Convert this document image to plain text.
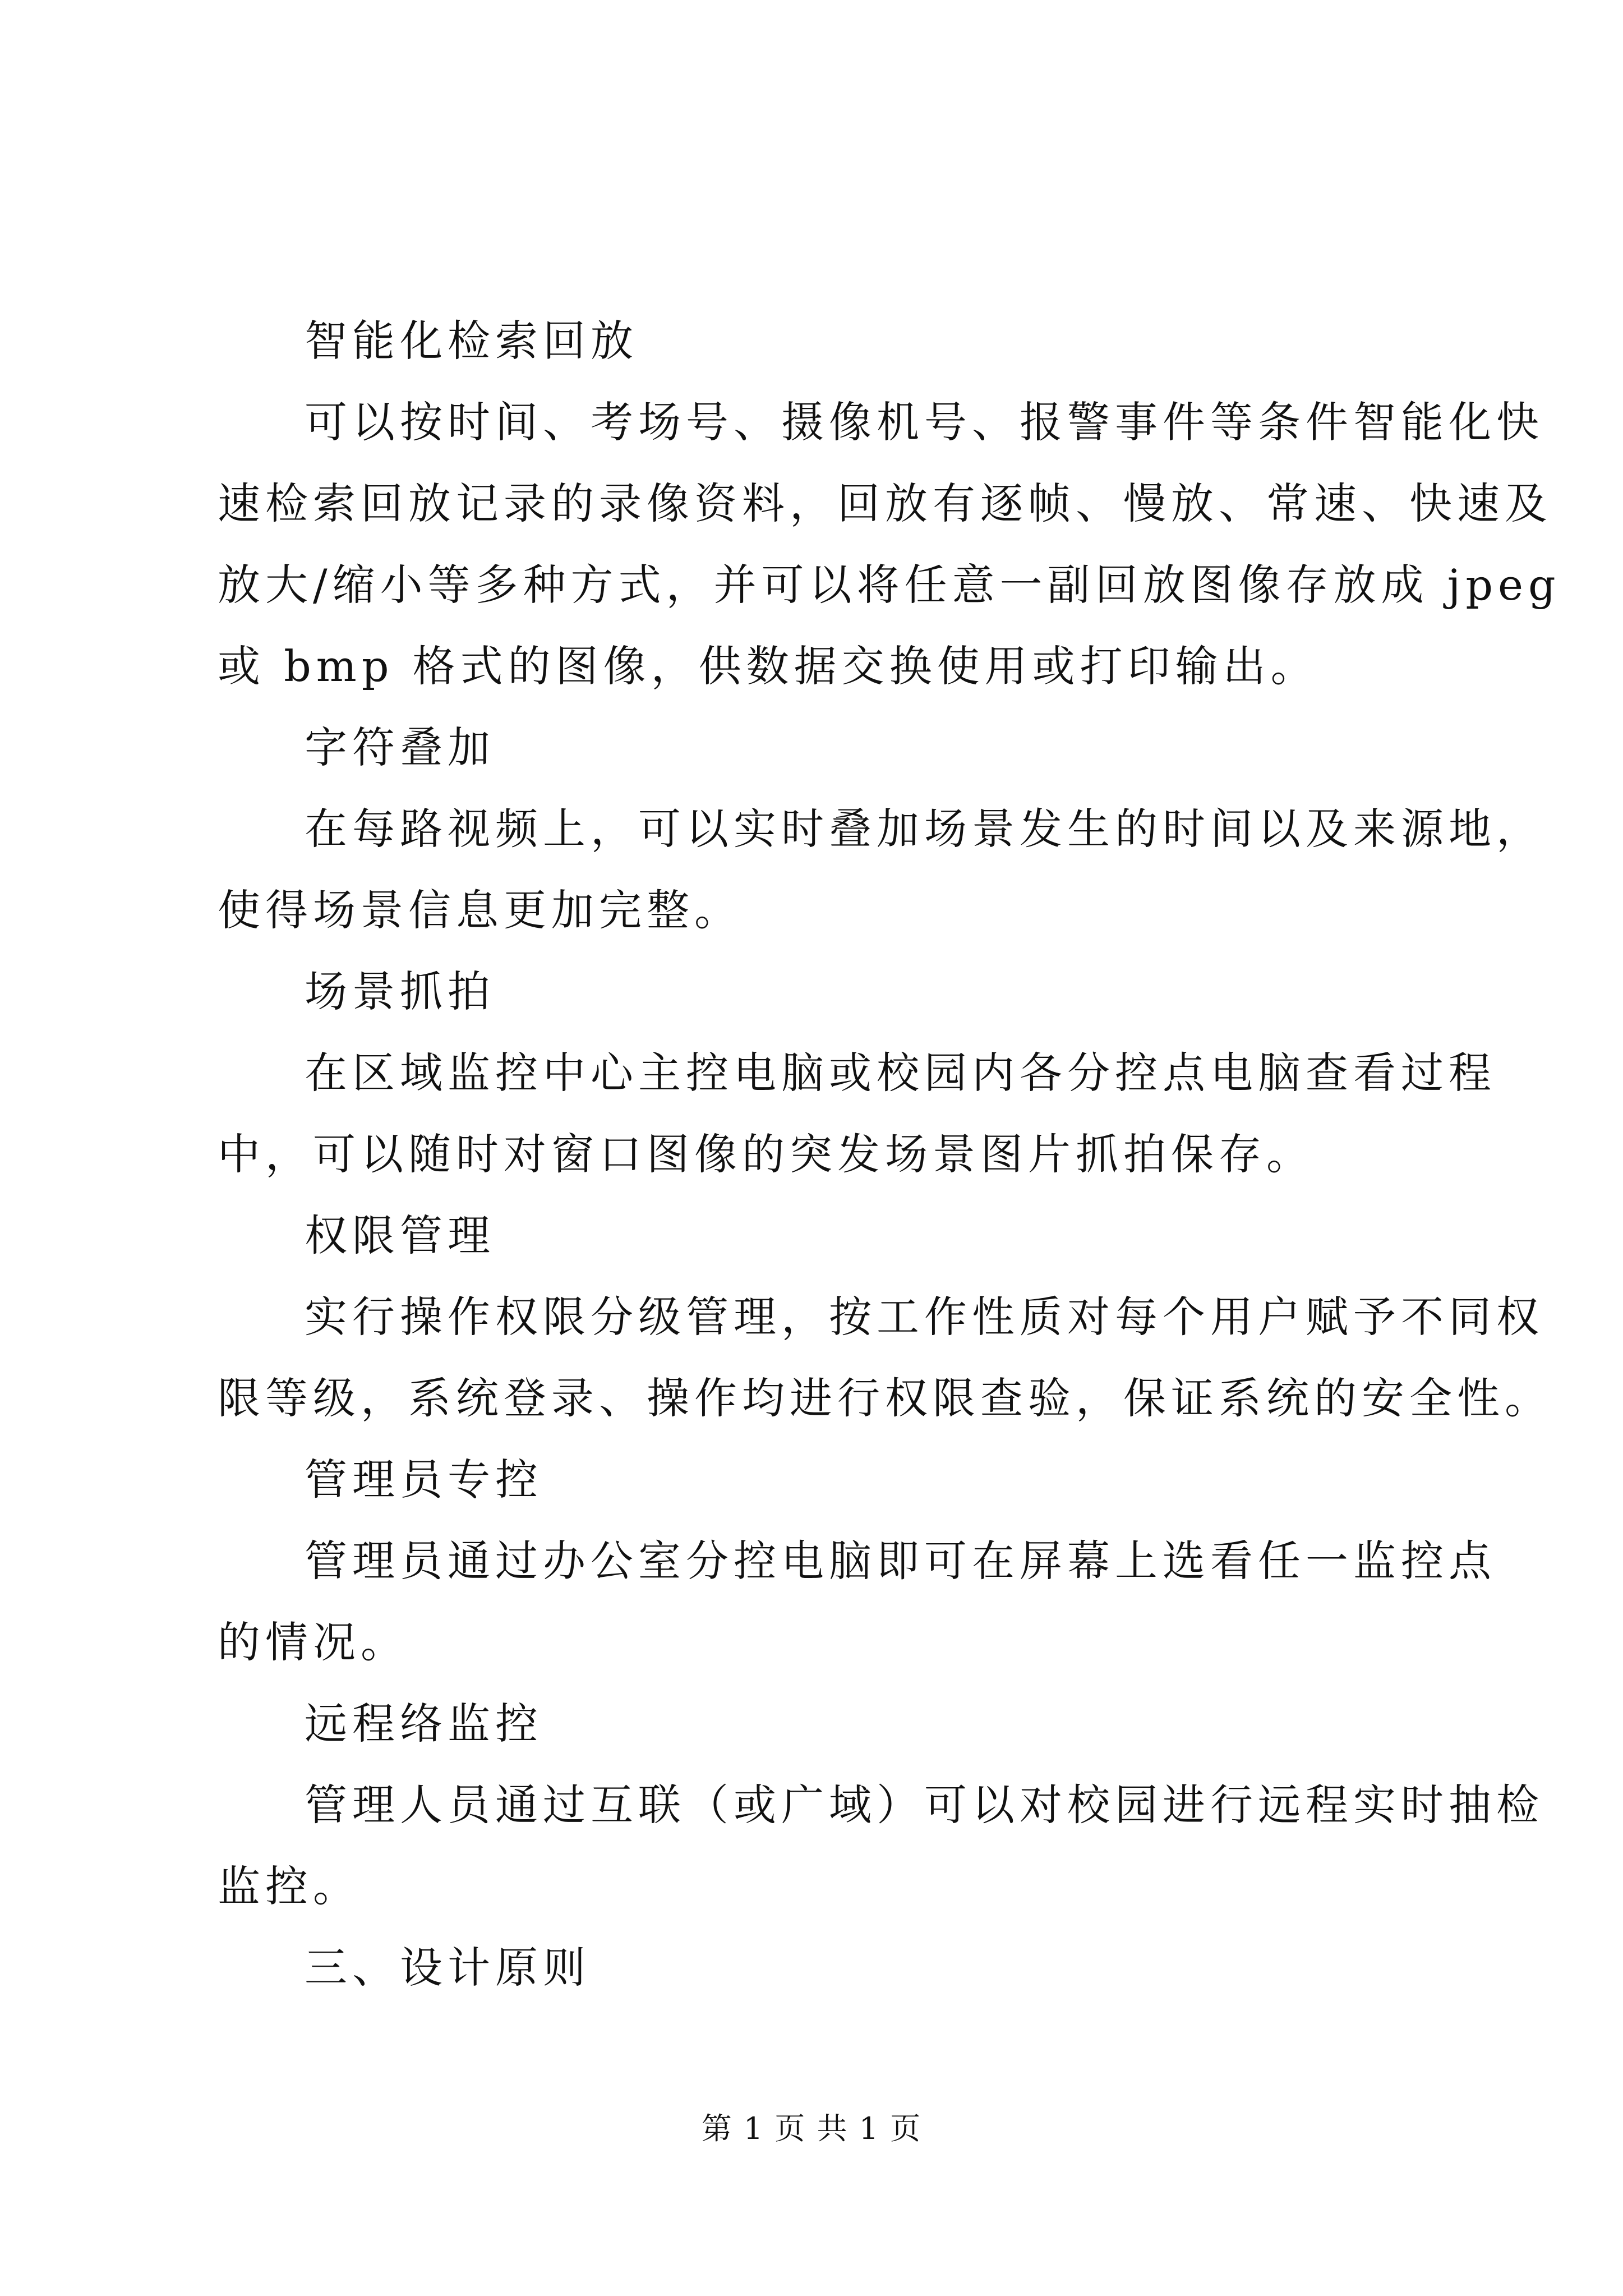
智能化检索回放
可以按时间、考场号、摄像机号、报警事件等条件智能化快
速检索回放记录的录像资料，回放有逐帧、慢放、常速、快速及
放大/缩小等多种方式，并可以将任意一副回放图像存放成 jpeg
或 bmp 格式的图像，供数据交换使用或打印输出。
字符叠加
在每路视频上，可以实时叠加场景发生的时间以及来源地，
使得场景信息更加完整。
场景抓拍
在区域监控中心主控电脑或校园内各分控点电脑查看过程
中，可以随时对窗口图像的突发场景图片抓拍保存。
权限管理
实行操作权限分级管理，按工作性质对每个用户赋予不同权
限等级，系统登录、操作均进行权限查验，保证系统的安全性。
管理员专控
管理员通过办公室分控电脑即可在屏幕上选看任一监控点
的情况。
远程络监控
管理人员通过互联（或广域）可以对校园进行远程实时抽检
监控。
三、设计原则
第 1 页 共 1 页
